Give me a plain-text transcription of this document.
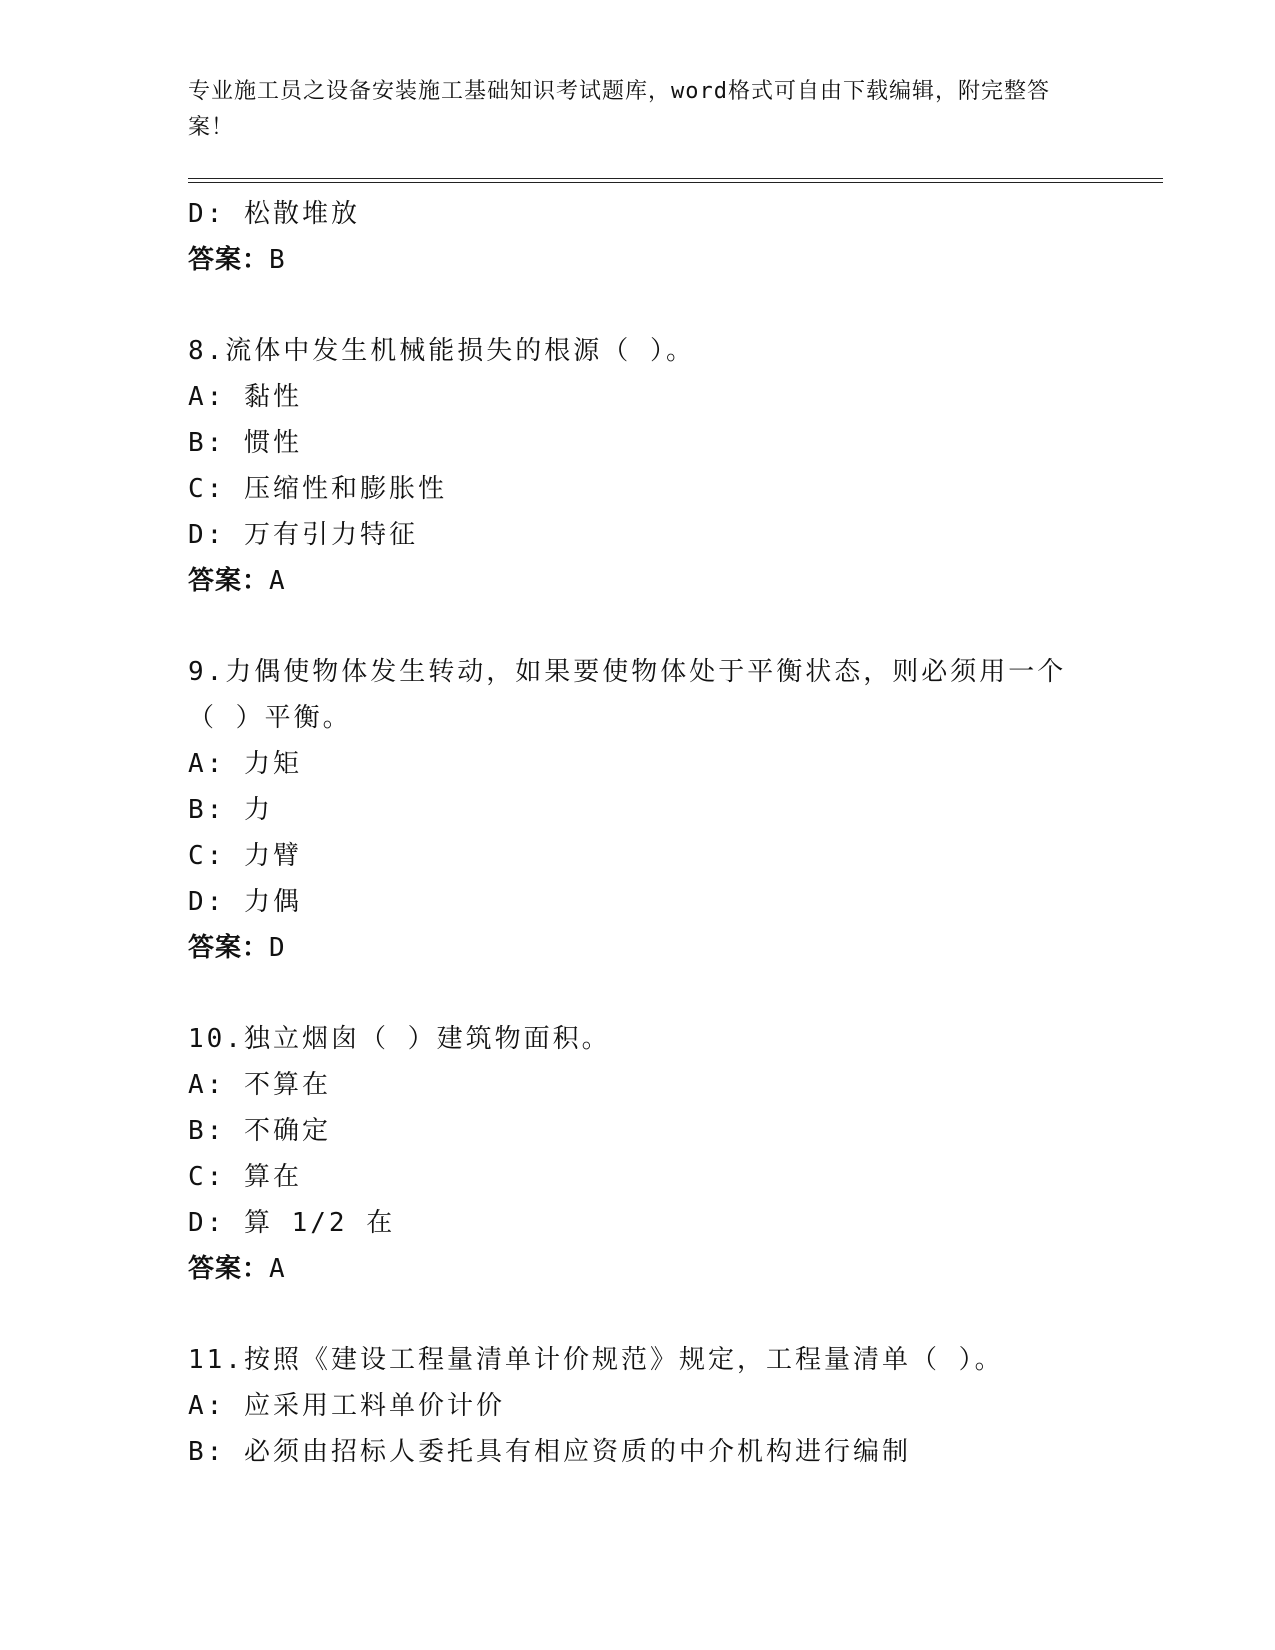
专业施工员之设备安装施工基础知识考试题库，word格式可自由下载编辑，附完整答案！
D: 松散堆放
答案：B
8.流体中发生机械能损失的根源（ ）。
A: 黏性
B: 惯性
C: 压缩性和膨胀性
D: 万有引力特征
答案：A
9.力偶使物体发生转动，如果要使物体处于平衡状态，则必须用一个（ ）平衡。
A: 力矩
B: 力
C: 力臂
D: 力偶
答案：D
10.独立烟囱（ ）建筑物面积。
A: 不算在
B: 不确定
C: 算在
D: 算 1/2 在
答案：A
11.按照《建设工程量清单计价规范》规定，工程量清单（ ）。
A: 应采用工料单价计价
B: 必须由招标人委托具有相应资质的中介机构进行编制
